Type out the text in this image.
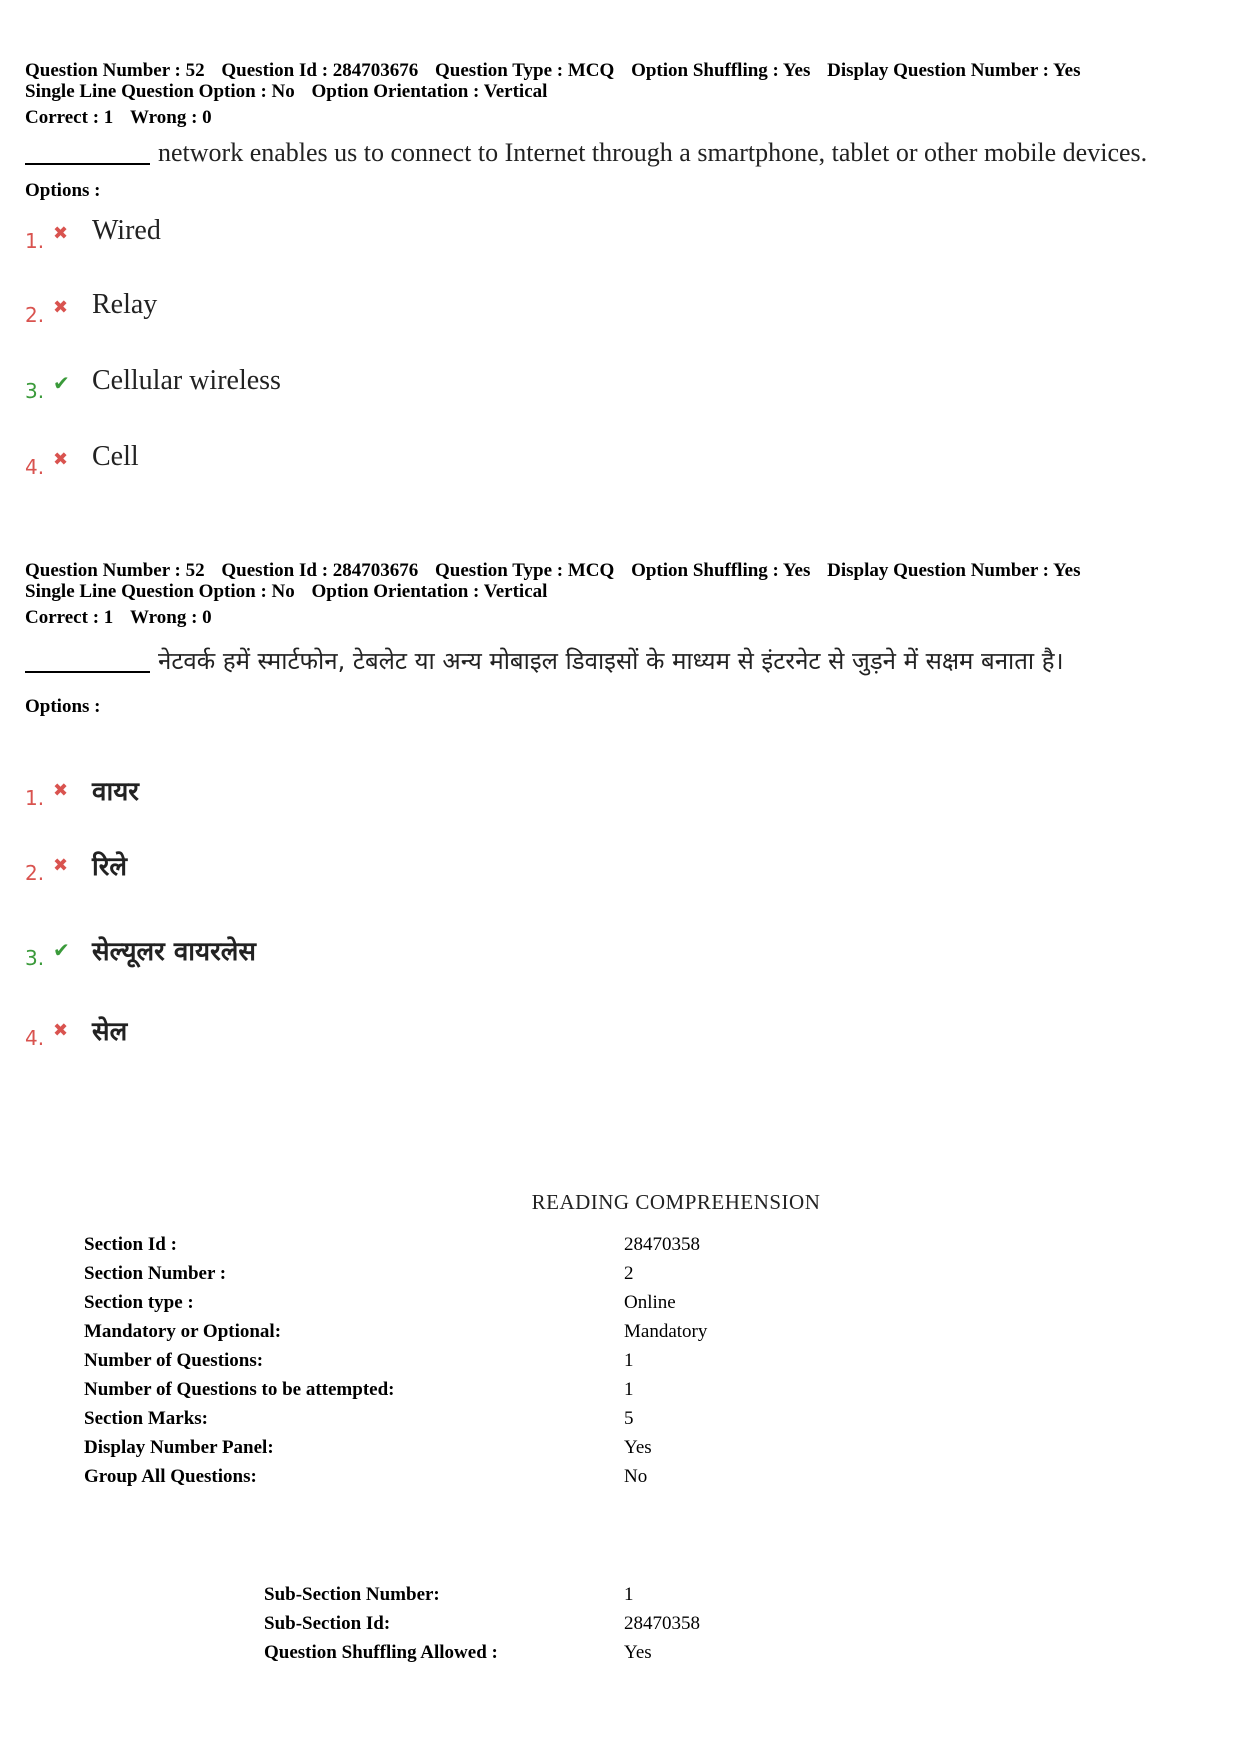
Question Number : 52 Question Id : 284703676 Question Type : MCQ Option Shuffling : Yes Display Question Number : Yes
Single Line Question Option : No Option Orientation : Vertical
Correct : 1 Wrong : 0
network enables us to connect to Internet through a smartphone, tablet or other mobile devices.
Options :
1. ✖ Wired
2. ✖ Relay
3. ✔ Cellular wireless
4. ✖ Cell
Question Number : 52 Question Id : 284703676 Question Type : MCQ Option Shuffling : Yes Display Question Number : Yes
Single Line Question Option : No Option Orientation : Vertical
Correct : 1 Wrong : 0
नेटवर्क हमें स्मार्टफोन, टेबलेट या अन्य मोबाइल डिवाइसों के माध्यम से इंटरनेट से जुड़ने में सक्षम बनाता है।
Options :
1. ✖ वायर
2. ✖ रिले
3. ✔ सेल्यूलर वायरलेस
4. ✖ सेल
READING COMPREHENSION
Section Id :	28470358
Section Number :	2
Section type :	Online
Mandatory or Optional:	Mandatory
Number of Questions:	1
Number of Questions to be attempted:	1
Section Marks:	5
Display Number Panel:	Yes
Group All Questions:	No
Sub-Section Number:	1
Sub-Section Id:	28470358
Question Shuffling Allowed :	Yes
